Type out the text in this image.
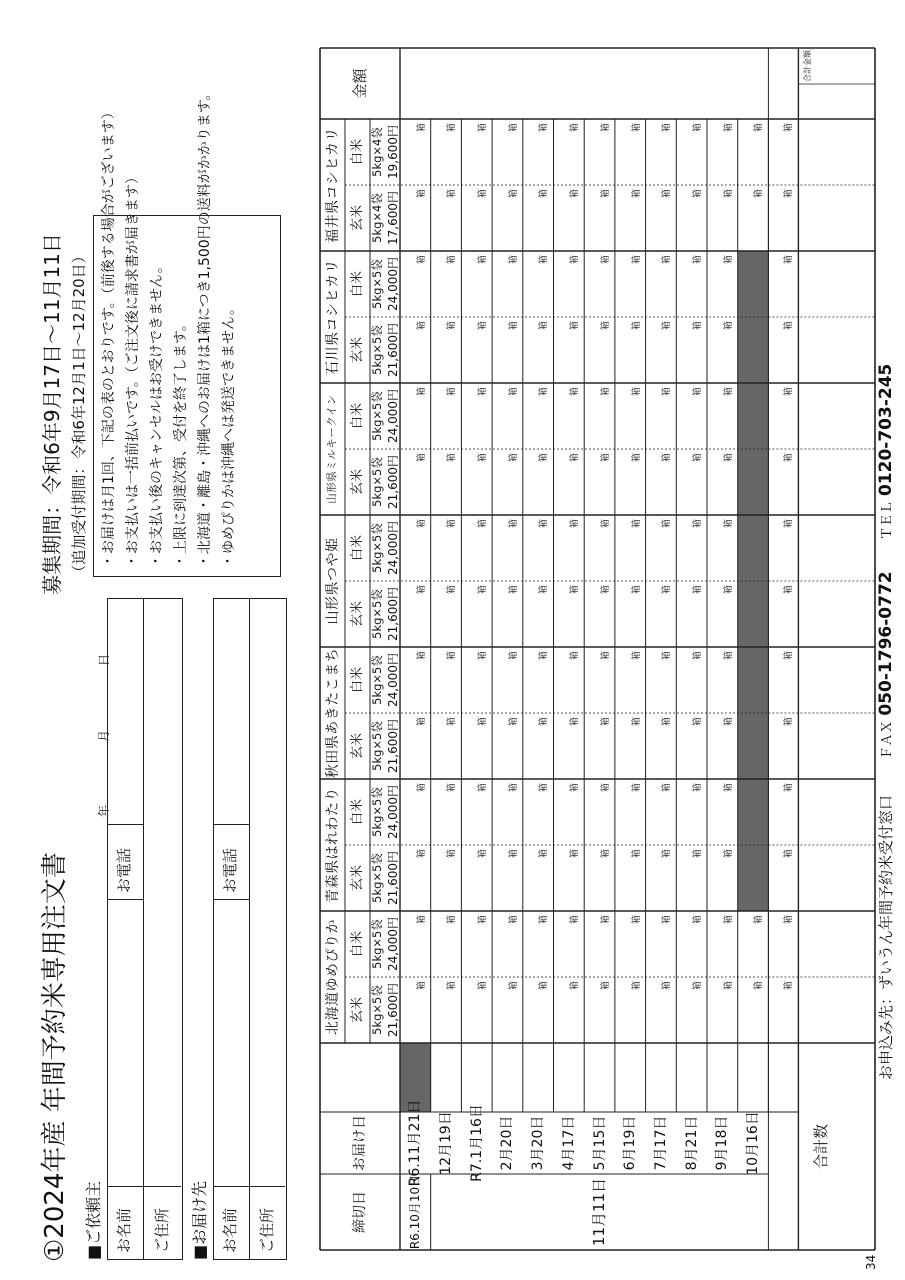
①2024年産 年間予約米専用注文書
年
月
日
■ご依頼主 お名前
お電話
ご住所 ■お届け先 お名前
お電話
ご住所
募集期間：令和6年9月17日～11月11日 （追加受付期間：令和6年12月1日～12月20日） ・お届けは月1回、下記の表のとおりです。（前後する場合がございます） ・お支払いは一括前払いです。（ご注文後に請求書が届きます） ・お支払い後のキャンセルはお受けできません。 ・上限に到達次第、受付を終了します。 ・北海道・離島・沖縄へのお届けは1箱につき1,500円の送料がかかります。 ・ゆめぴりかは沖縄へは発送できません。
締切日
お届け日
金額
北海道ゆめぴりか 玄米
白米
5kg×5袋
5kg×5袋
21,600円
24,000円
青森県はれわたり 玄米
白米
5kg×5袋
5kg×5袋
21,600円
24,000円
秋田県あきたこまち 玄米
白米
5kg×5袋
5kg×5袋
21,600円
24,000円
山形県つや姫 玄米
白米
5kg×5袋
5kg×5袋
21,600円
24,000円
山形県ミルキークイン 玄米
白米
5kg×5袋
5kg×5袋
21,600円
24,000円
石川県コシヒカリ 玄米
白米
5kg×5袋
5kg×5袋
21,600円
24,000円
福井県コシヒカリ 玄米
白米
5kg×4袋
5kg×4袋
17,600円
19,600円
R6.10月10日
R6.11月21日
箱
箱
箱
箱
箱
箱
箱
箱
箱
箱
箱
箱
箱
箱
12月19日
箱
箱
箱
箱
箱
箱
箱
箱
箱
箱
箱
箱
箱
箱
R7.1月16日
箱
箱
箱
箱
箱
箱
箱
箱
箱
箱
箱
箱
箱
箱
2月20日
箱
箱
箱
箱
箱
箱
箱
箱
箱
箱
箱
箱
箱
箱
3月20日
箱
箱
箱
箱
箱
箱
箱
箱
箱
箱
箱
箱
箱
箱
4月17日
箱
箱
箱
箱
箱
箱
箱
箱
箱
箱
箱
箱
箱
箱
5月15日
箱
箱
箱
箱
箱
箱
箱
箱
箱
箱
箱
箱
箱
箱
6月19日
箱
箱
箱
箱
箱
箱
箱
箱
箱
箱
箱
箱
箱
箱
7月17日
箱
箱
箱
箱
箱
箱
箱
箱
箱
箱
箱
箱
箱
箱
8月21日
箱
箱
箱
箱
箱
箱
箱
箱
箱
箱
箱
箱
箱
箱
9月18日
箱
箱
箱
箱
箱
箱
箱
箱
箱
箱
箱
箱
箱
箱
10月16日
箱
箱
箱
箱
11月11日
合計数
箱
箱
箱
箱
箱
箱
箱
箱
箱
箱
箱
箱
箱
箱
合計金額
お申込み先：ずいうん年間予約米受付窓口  ＦＡＸ 050-1796-0772  ＴＥＬ 0120-703-245
34
